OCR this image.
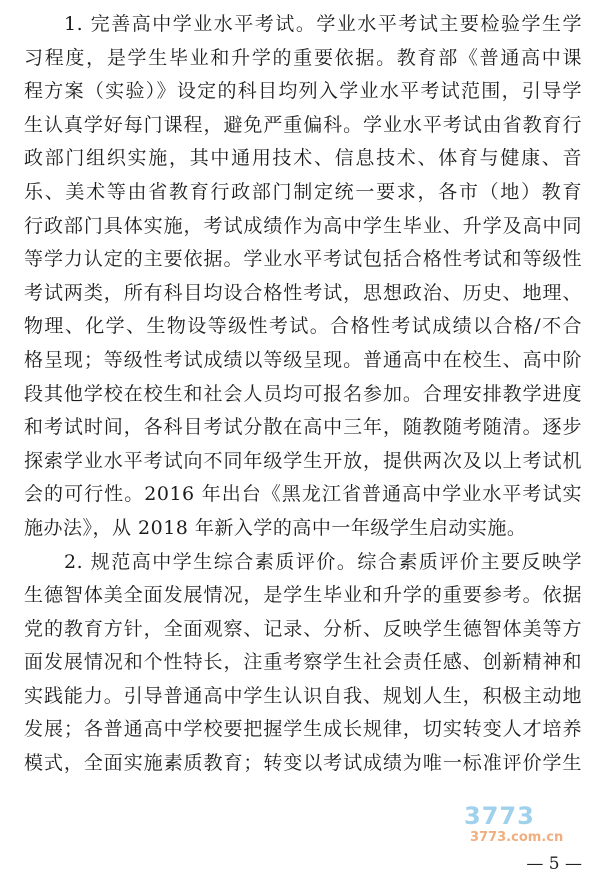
1. 完善高中学业水平考试。学业水平考试主要检验学生学
习程度，是学生毕业和升学的重要依据。教育部《普通高中课
程方案（实验）》设定的科目均列入学业水平考试范围，引导学
生认真学好每门课程，避免严重偏科。学业水平考试由省教育行
政部门组织实施，其中通用技术、信息技术、体育与健康、音
乐、美术等由省教育行政部门制定统一要求，各市（地）教育
行政部门具体实施，考试成绩作为高中学生毕业、升学及高中同
等学力认定的主要依据。学业水平考试包括合格性考试和等级性
考试两类，所有科目均设合格性考试，思想政治、历史、地理、
物理、化学、生物设等级性考试。合格性考试成绩以合格/不合
格呈现；等级性考试成绩以等级呈现。普通高中在校生、高中阶
段其他学校在校生和社会人员均可报名参加。合理安排教学进度
和考试时间，各科目考试分散在高中三年，随教随考随清。逐步
探索学业水平考试向不同年级学生开放，提供两次及以上考试机
会的可行性。2016 年出台《黑龙江省普通高中学业水平考试实
施办法》，从 2018 年新入学的高中一年级学生启动实施。
2. 规范高中学生综合素质评价。综合素质评价主要反映学
生德智体美全面发展情况，是学生毕业和升学的重要参考。依据
党的教育方针，全面观察、记录、分析、反映学生德智体美等方
面发展情况和个性特长，注重考察学生社会责任感、创新精神和
实践能力。引导普通高中学生认识自我、规划人生，积极主动地
发展；各普通高中学校要把握学生成长规律，切实转变人才培养
模式，全面实施素质教育；转变以考试成绩为唯一标准评价学生
3773
3773.com.cn
— 5 —
